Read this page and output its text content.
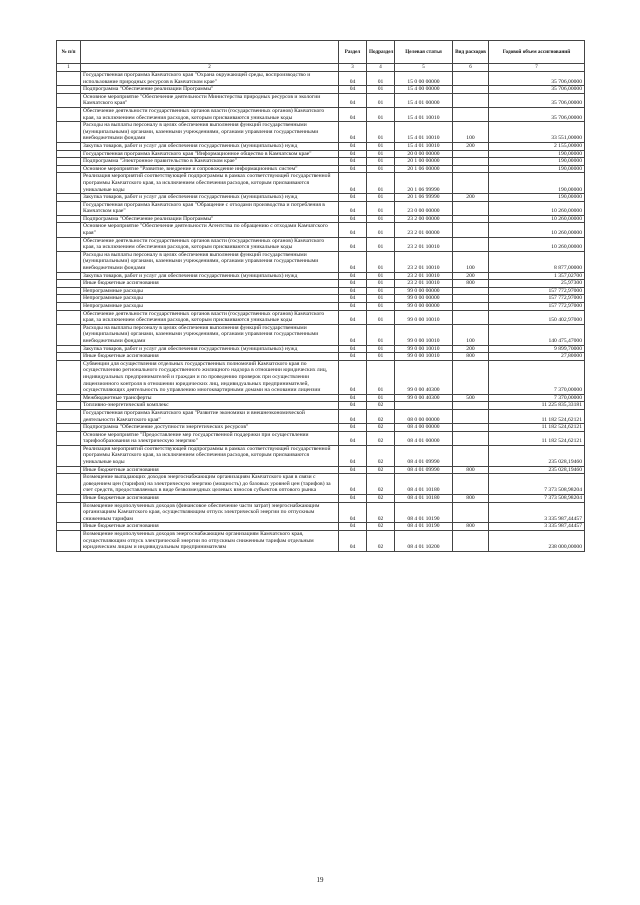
№ п/п		Раздел	Подраздел	Целевая статья	Вид расходов	Годовой объем ассигнований
1	2	3	4	5	6	7
	Государственная программа Камчатского края "Охрана окружающей среды, воспроизводство и использование природных ресурсов в Камчатском крае"	04	01	15 0 00 00000		35 706,00000
	Подпрограмма "Обеспечение реализации Программы"	04	01	15 4 00 00000		35 706,00000
	Основное мероприятие "Обеспечение деятельности Министерства природных ресурсов и экологии Камчатского края"	04	01	15 4 01 00000		35 706,00000
	Обеспечение деятельности государственных органов власти (государственных органов) Камчатского края, за исключением обеспечения расходов, которым присваиваются уникальные коды	04	01	15 4 01 10010		35 706,00000
	Расходы на выплаты персоналу в целях обеспечения выполнения функций государственными (муниципальными) органами, казенными учреждениями, органами управления государственными внебюджетными фондами	04	01	15 4 01 10010	100	33 551,00000
	Закупка товаров, работ и услуг для обеспечения государственных (муниципальных) нужд	04	01	15 4 01 10010	200	2 155,00000
	Государственная программа Камчатского края "Информационное общество в Камчатском крае"	04	01	20 0 00 00000		190,00000
	Подпрограмма "Электронное правительство в Камчатском крае"	04	01	20 1 00 00000		190,00000
	Основное мероприятие "Развитие, внедрение и сопровождение информационных систем"	04	01	20 1 06 00000		190,00000
	Реализация мероприятий соответствующей подпрограммы в рамках соответствующей государственной программы Камчатского края, за исключением обеспечения расходов, которым присваиваются уникальные коды	04	01	20 1 06 99990		190,00000
	Закупка товаров, работ и услуг для обеспечения государственных (муниципальных) нужд	04	01	20 1 06 99990	200	190,00000
	Государственная программа Камчатского края "Обращение с отходами производства и потребления в Камчатском крае"	04	01	23 0 00 00000		10 260,00000
	Подпрограмма "Обеспечение реализации Программы"	04	01	23 2 00 00000		10 260,00000
	Основное мероприятие "Обеспечение деятельности Агентства по обращению с отходами Камчатского края"	04	01	23 2 01 00000		10 260,00000
	Обеспечение деятельности государственных органов власти (государственных органов) Камчатского края, за исключением обеспечения расходов, которым присваиваются уникальные коды	04	01	23 2 01 10010		10 260,00000
	Расходы на выплаты персоналу в целях обеспечения выполнения функций государственными (муниципальными) органами, казенными учреждениями, органами управления государственными внебюджетными фондами	04	01	23 2 01 10010	100	8 877,00000
	Закупка товаров, работ и услуг для обеспечения государственных (муниципальных) нужд	04	01	23 2 01 10010	200	1 357,02700
	Иные бюджетные ассигнования	04	01	23 2 01 10010	800	25,97300
	Непрограммные расходы	04	01	99 0 00 00000		157 772,97000
	Непрограммные расходы	04	01	99 0 00 00000		157 772,97000
	Непрограммные расходы	04	01	99 0 00 00000		157 772,97000
	Обеспечение деятельности государственных органов власти (государственных органов) Камчатского края, за исключением обеспечения расходов, которым присваиваются уникальные коды	04	01	99 0 00 10010		150 402,97000
	Расходы на выплаты персоналу в целях обеспечения выполнения функций государственными (муниципальными) органами, казенными учреждениями, органами управления государственными внебюджетными фондами	04	01	99 0 00 10010	100	140 475,47000
	Закупка товаров, работ и услуг для обеспечения государственных (муниципальных) нужд	04	01	99 0 00 10010	200	9 899,70000
	Иные бюджетные ассигнования	04	01	99 0 00 10010	800	27,80000
	Субвенции для осуществления отдельных государственных полномочий Камчатского края по осуществлению регионального государственного жилищного надзора в отношении юридических лиц, индивидуальных предпринимателей и граждан и по проведению проверок при осуществлении лицензионного контроля в отношении юридических лиц, индивидуальных предпринимателей, осуществляющих деятельность по управлению многоквартирными домами на основании лицензии	04	01	99 0 00 40300		7 370,00000
	Межбюджетные трансферты	04	01	99 0 00 40300	500	7 370,00000
	Топливно-энергетический комплекс	04	02			11 225 835,33181
	Государственная программа Камчатского края "Развитие экономики и внешнеэкономической деятельности Камчатского края"	04	02	08 0 00 00000		11 182 524,62121
	Подпрограмма "Обеспечение доступности энергетических ресурсов"	04	02	08 4 00 00000		11 182 524,62121
	Основное мероприятие "Предоставление мер государственной поддержки при осуществлении тарифообразования на электрическую энергию"	04	02	08 4 01 00000		11 182 524,62121
	Реализация мероприятий соответствующей подпрограммы в рамках соответствующей государственной программы Камчатского края, за исключением обеспечения расходов, которым присваиваются уникальные коды	04	02	08 4 01 09990		235 028,19460
	Иные бюджетные ассигнования	04	02	08 4 01 09990	800	235 028,19460
	Возмещение выпадающих доходов энергоснабжающим организациям Камчатского края в связи с доведением цен (тарифов) на электрическую энергию (мощность) до базовых уровней цен (тарифов) за счет средств, предоставляемых в виде безвозмездных целевых взносов субъектов оптового рынка	04	02	08 4 01 10180		7 373 508,98204
	Иные бюджетные ассигнования	04	02	08 4 01 10180	800	7 373 508,98204
	Возмещение недополученных доходов (финансовое обеспечение части затрат) энергоснабжающим организациям Камчатского края, осуществляющим отпуск электрической энергии по отпускным сниженным тарифам	04	02	08 4 01 10190		3 335 987,44457
	Иные бюджетные ассигнования	04	02	08 4 01 10190	800	3 335 987,44457
	Возмещение недополученных доходов энергоснабжающим организациям Камчатского края, осуществляющим отпуск электрической энергии по отпускным сниженным тарифам отдельным юридическим лицам и индивидуальным предпринимателям	04	02	08 4 01 10200		238 000,00000
19
